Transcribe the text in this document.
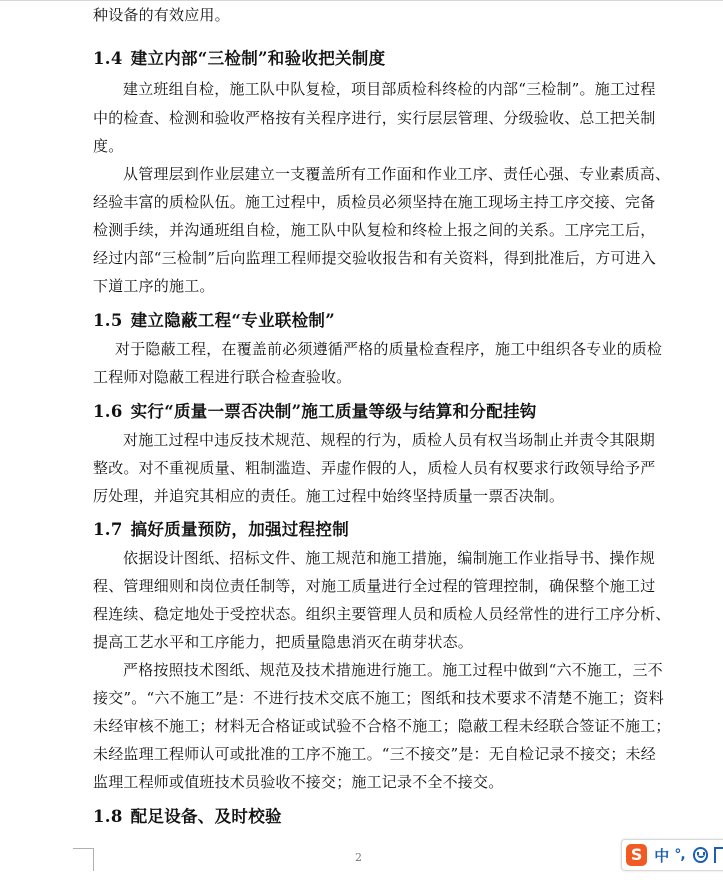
种设备的有效应用。
1.4 建立内部“三检制”和验收把关制度
建立班组自检，施工队中队复检，项目部质检科终检的内部“三检制”。施工过程
中的检查、检测和验收严格按有关程序进行，实行层层管理、分级验收、总工把关制
度。
从管理层到作业层建立一支覆盖所有工作面和作业工序、责任心强、专业素质高、
经验丰富的质检队伍。施工过程中，质检员必须坚持在施工现场主持工序交接、完备
检测手续，并沟通班组自检，施工队中队复检和终检上报之间的关系。工序完工后，
经过内部“三检制”后向监理工程师提交验收报告和有关资料，得到批准后，方可进入
下道工序的施工。
1.5 建立隐蔽工程“专业联检制”
对于隐蔽工程，在覆盖前必须遵循严格的质量检查程序，施工中组织各专业的质检
工程师对隐蔽工程进行联合检查验收。
1.6 实行“质量一票否决制”施工质量等级与结算和分配挂钩
对施工过程中违反技术规范、规程的行为，质检人员有权当场制止并责令其限期
整改。对不重视质量、粗制滥造、弄虚作假的人，质检人员有权要求行政领导给予严
厉处理，并追究其相应的责任。施工过程中始终坚持质量一票否决制。
1.7 搞好质量预防，加强过程控制
依据设计图纸、招标文件、施工规范和施工措施，编制施工作业指导书、操作规
程、管理细则和岗位责任制等，对施工质量进行全过程的管理控制，确保整个施工过
程连续、稳定地处于受控状态。组织主要管理人员和质检人员经常性的进行工序分析、
提高工艺水平和工序能力，把质量隐患消灭在萌芽状态。
严格按照技术图纸、规范及技术措施进行施工。施工过程中做到“六不施工，三不
接交”。“六不施工”是：不进行技术交底不施工；图纸和技术要求不清楚不施工；资料
未经审核不施工；材料无合格证或试验不合格不施工；隐蔽工程未经联合签证不施工；
未经监理工程师认可或批准的工序不施工。“三不接交”是：无自检记录不接交；未经
监理工程师或值班技术员验收不接交；施工记录不全不接交。
1.8 配足设备、及时校验
2	S 中 °,
